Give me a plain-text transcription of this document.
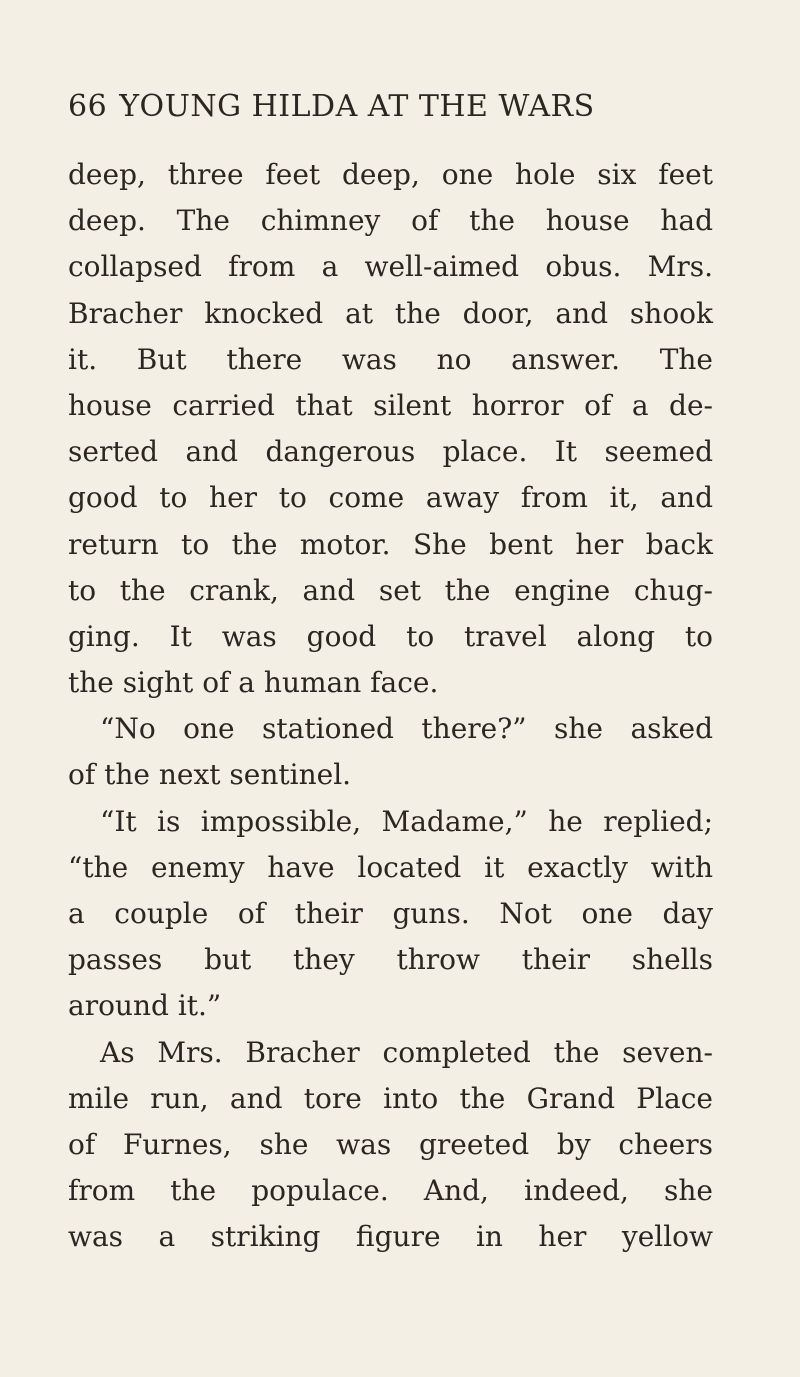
66 YOUNG HILDA AT THE WARS
deep, three feet deep, one hole six feet
deep. The chimney of the house had
collapsed from a well-aimed obus. Mrs.
Bracher knocked at the door, and shook
it. But there was no answer. The
house carried that silent horror of a de-
serted and dangerous place. It seemed
good to her to come away from it, and
return to the motor. She bent her back
to the crank, and set the engine chug-
ging. It was good to travel along to
the sight of a human face.
“No one stationed there?” she asked
of the next sentinel.
“It is impossible, Madame,” he replied;
“the enemy have located it exactly with
a couple of their guns. Not one day
passes but they throw their shells
around it.”
As Mrs. Bracher completed the seven-
mile run, and tore into the Grand Place
of Furnes, she was greeted by cheers
from the populace. And, indeed, she
was a striking figure in her yellow
